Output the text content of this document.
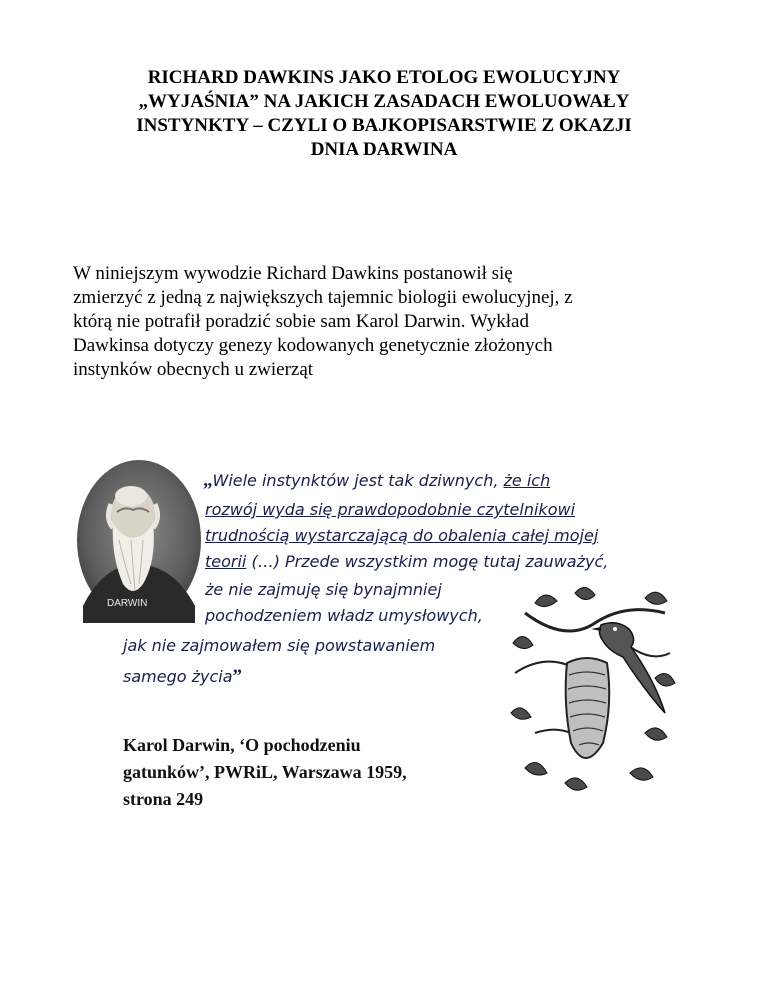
RICHARD DAWKINS JAKO ETOLOG EWOLUCYJNY
„WYJAŚNIA” NA JAKICH ZASADACH EWOLUOWAŁY
INSTYNKTY – CZYLI O BAJKOPISARSTWIE Z OKAZJI
DNIA DARWINA
W niniejszym wywodzie Richard Dawkins postanowił się
zmierzyć z jedną z największych tajemnic biologii ewolucyjnej, z
którą nie potrafił poradzić sobie sam Karol Darwin. Wykład
Dawkinsa dotyczy genezy kodowanych genetycznie złożonych
instynków obecnych u zwierząt
DARWIN
„Wiele instynktów jest tak dziwnych, że ich
rozwój wyda się prawdopodobnie czytelnikowi
trudnością wystarczającą do obalenia całej mojej
teorii (…) Przede wszystkim mogę tutaj zauważyć,
że nie zajmuję się bynajmniej
pochodzeniem władz umysłowych,
jak nie zajmowałem się powstawaniem
samego życia”
Karol Darwin, ‘O pochodzeniu
gatunków’, PWRiL, Warszawa 1959,
strona 249
